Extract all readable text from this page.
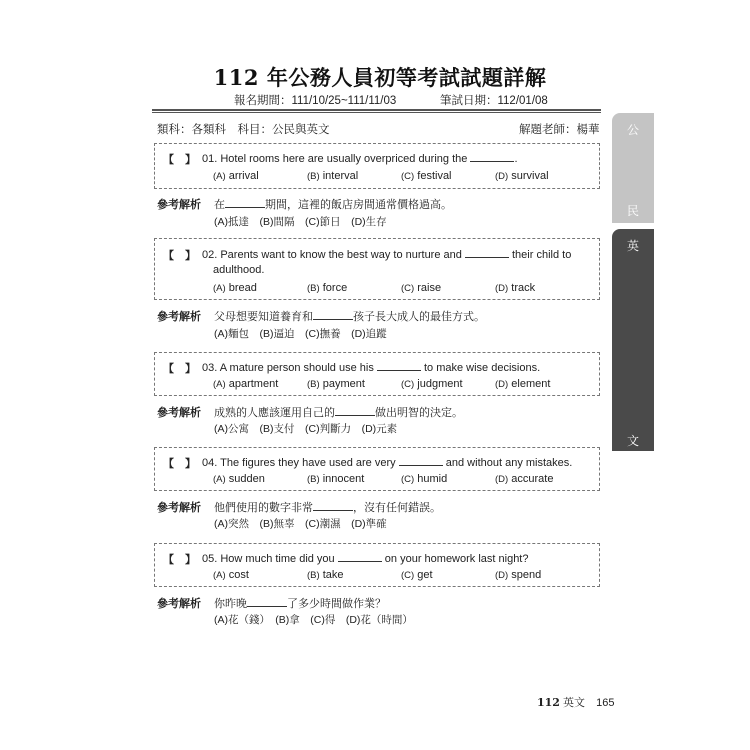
112 年公務人員初等考試試題詳解
報名期間：111/10/25~111/11/03	筆試日期：112/01/08
類科：各類科　科目：公民與英文	解題老師：楊華	公
民
英
文
【　】 01. Hotel rooms here are usually overpriced during the	.
(A) arrival	(B) interval	(C) festival	(D) survival
參考解析 在	期間，這裡的飯店房間通常價格過高。
(A)抵達　(B)間隔　(C)節日　(D)生存
【　】 02. Parents want to know the best way to nurture and	their child to
adulthood.
(A) bread	(B) force	(C) raise	(D) track
參考解析 父母想要知道養育和	孩子長大成人的最佳方式。
(A)麵包　(B)逼迫　(C)撫養　(D)追蹤
【　】 03. A mature person should use his	to make wise decisions.
(A) apartment	(B) payment	(C) judgment	(D) element
參考解析 成熟的人應該運用自己的	做出明智的決定。
(A)公寓　(B)支付　(C)判斷力　(D)元素
【　】 04. The figures they have used are very	and without any mistakes.
(A) sudden	(B) innocent	(C) humid	(D) accurate
參考解析 他們使用的數字非常	，沒有任何錯誤。
(A)突然　(B)無辜　(C)潮濕　(D)準確
【　】 05. How much time did you	on your homework last night?
(A) cost	(B) take	(C) get	(D) spend
參考解析 你昨晚	了多少時間做作業？
(A)花（錢）　(B)拿　(C)得　(D)花（時間）
112 英文 165
